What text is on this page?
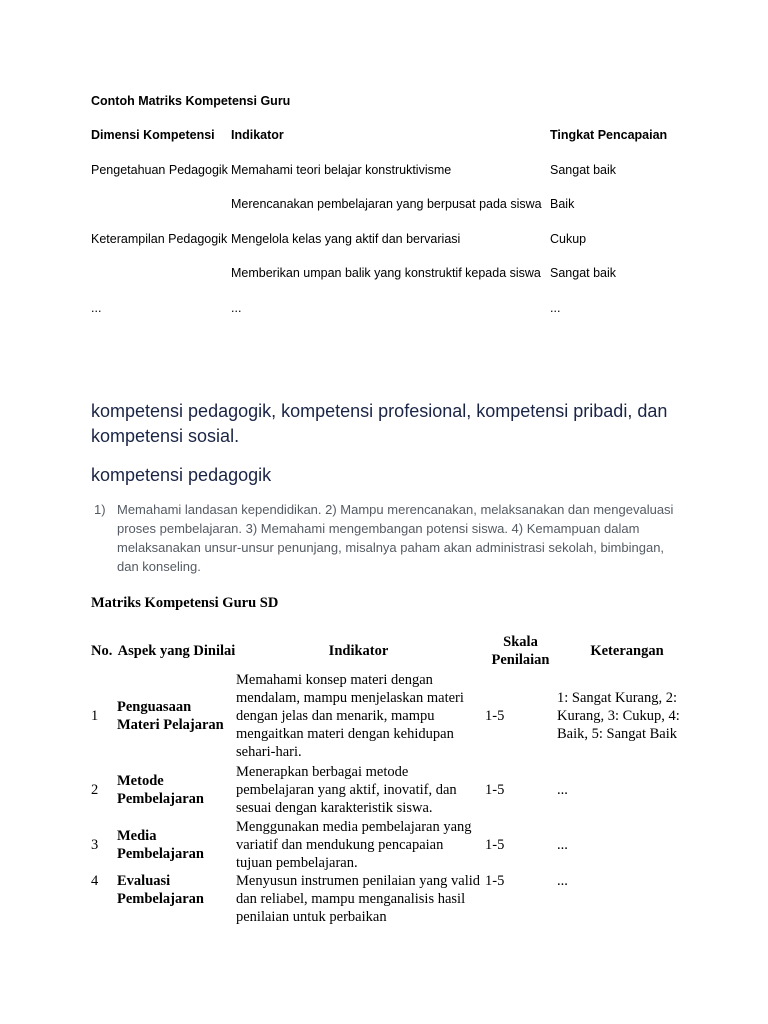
Contoh Matriks Kompetensi Guru
Dimensi Kompetensi	Indikator	Tingkat Pencapaian
Pengetahuan Pedagogik	Memahami teori belajar konstruktivisme	Sangat baik
	Merencanakan pembelajaran yang berpusat pada siswa	Baik
Keterampilan Pedagogik	Mengelola kelas yang aktif dan bervariasi	Cukup
	Memberikan umpan balik yang konstruktif kepada siswa	Sangat baik
...	...	...
kompetensi pedagogik, kompetensi profesional, kompetensi pribadi, dan kompetensi sosial.
kompetensi pedagogik
1) Memahami landasan kependidikan. 2) Mampu merencanakan, melaksanakan dan mengevaluasi proses pembelajaran. 3) Memahami mengembangan potensi siswa. 4) Kemampuan dalam melaksanakan unsur-unsur penunjang, misalnya paham akan administrasi sekolah, bimbingan, dan konseling.
Matriks Kompetensi Guru SD
No.	Aspek yang Dinilai	Indikator	Skala Penilaian	Keterangan
1	Penguasaan Materi Pelajaran	Memahami konsep materi dengan mendalam, mampu menjelaskan materi dengan jelas dan menarik, mampu mengaitkan materi dengan kehidupan sehari-hari.	1-5	1: Sangat Kurang, 2: Kurang, 3: Cukup, 4: Baik, 5: Sangat Baik
2	Metode Pembelajaran	Menerapkan berbagai metode pembelajaran yang aktif, inovatif, dan sesuai dengan karakteristik siswa.	1-5	...
3	Media Pembelajaran	Menggunakan media pembelajaran yang variatif dan mendukung pencapaian tujuan pembelajaran.	1-5	...
4	Evaluasi Pembelajaran	Menyusun instrumen penilaian yang valid dan reliabel, mampu menganalisis hasil penilaian untuk perbaikan	1-5	...
